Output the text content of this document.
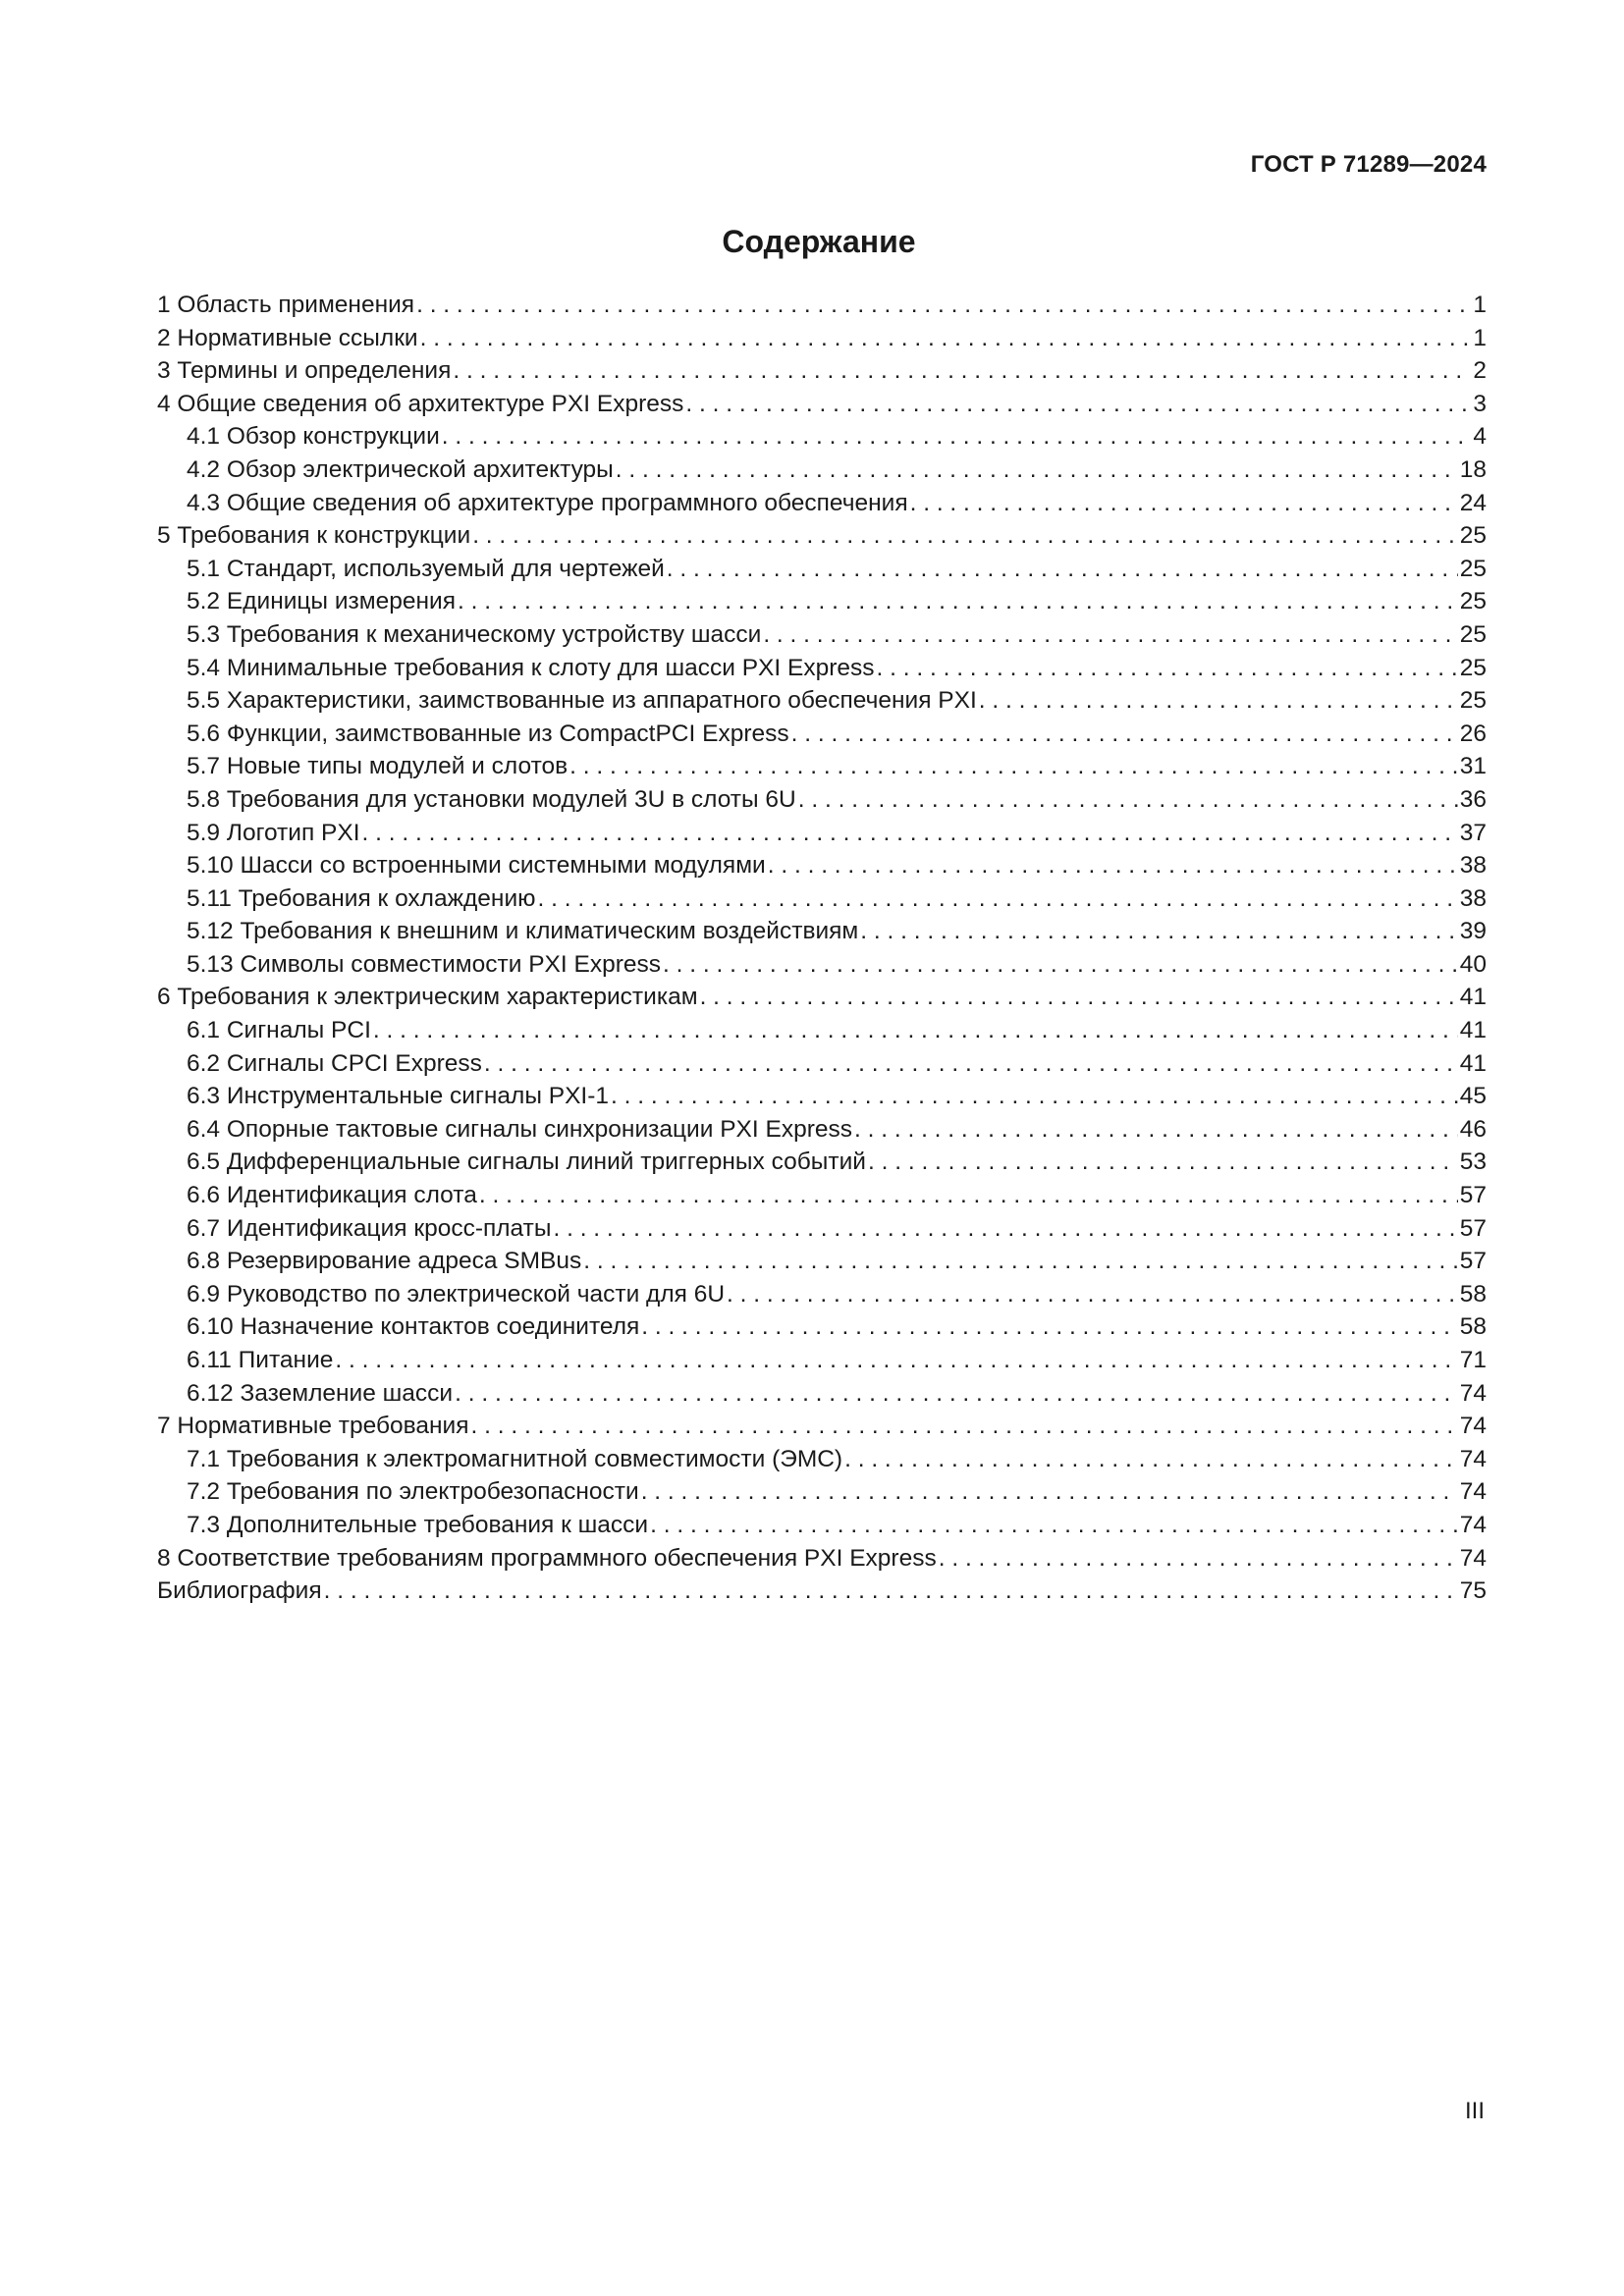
ГОСТ Р 71289—2024
Содержание
1 Область применения . . .	1
2 Нормативные ссылки . . .	1
3 Термины и определения . . .	2
4 Общие сведения об архитектуре PXI Express . . .	3
4.1 Обзор конструкции . . .	4
4.2 Обзор электрической архитектуры . . .	18
4.3 Общие сведения об архитектуре программного обеспечения . . .	24
5 Требования к конструкции . . .	25
5.1 Стандарт, используемый для чертежей . . .	25
5.2 Единицы измерения . . .	25
5.3 Требования к механическому устройству шасси . . .	25
5.4 Минимальные требования к слоту для шасси PXI Express . . .	25
5.5 Характеристики, заимствованные из аппаратного обеспечения PXI . . .	25
5.6 Функции, заимствованные из CompactPCI Express . . .	26
5.7 Новые типы модулей и слотов . . .	31
5.8 Требования для установки модулей 3U в слоты 6U . . .	36
5.9 Логотип PXI . . .	37
5.10 Шасси со встроенными системными модулями . . .	38
5.11 Требования к охлаждению . . .	38
5.12 Требования к внешним и климатическим воздействиям . . .	39
5.13 Символы совместимости PXI Express . . .	40
6 Требования к электрическим характеристикам . . .	41
6.1 Сигналы PCI . . .	41
6.2 Сигналы CPCI Express . . .	41
6.3 Инструментальные сигналы PXI-1 . . .	45
6.4 Опорные тактовые сигналы синхронизации PXI Express . . .	46
6.5 Дифференциальные сигналы линий триггерных событий . . .	53
6.6 Идентификация слота . . .	57
6.7 Идентификация кросс-платы . . .	57
6.8 Резервирование адреса SMBus . . .	57
6.9 Руководство по электрической части для 6U . . .	58
6.10 Назначение контактов соединителя . . .	58
6.11 Питание . . .	71
6.12 Заземление шасси . . .	74
7 Нормативные требования . . .	74
7.1 Требования к электромагнитной совместимости (ЭМС) . . .	74
7.2 Требования по электробезопасности . . .	74
7.3 Дополнительные требования к шасси . . .	74
8 Соответствие требованиям программного обеспечения PXI Express . . .	74
Библиография . . .	75
III
